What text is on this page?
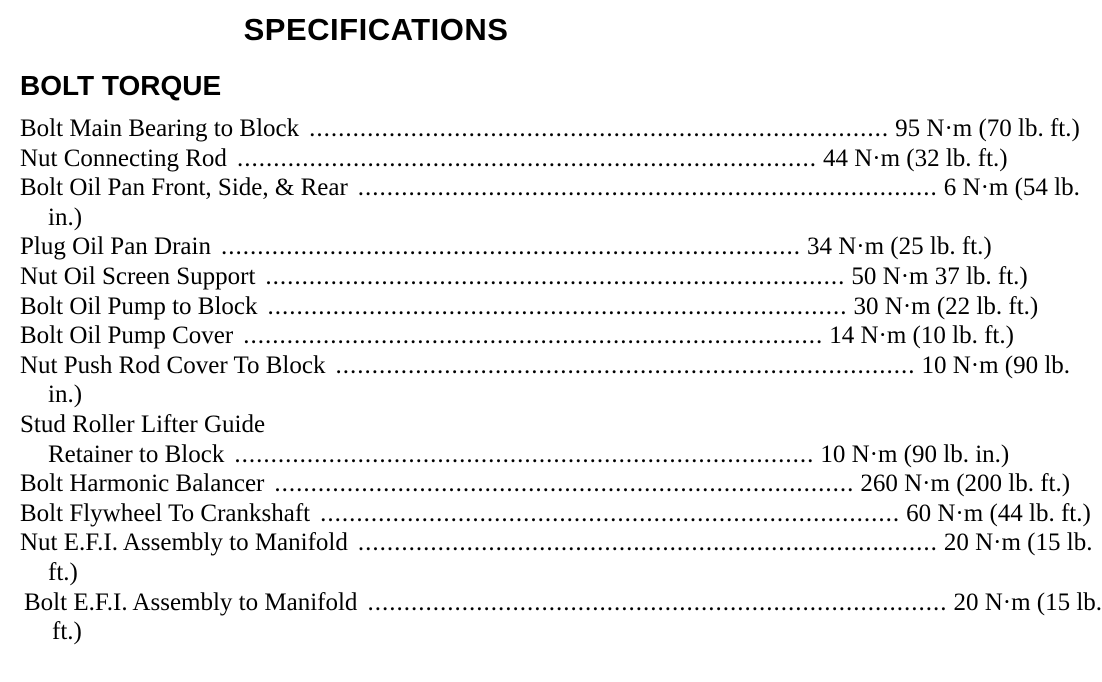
SPECIFICATIONS
BOLT TORQUE
Bolt Main Bearing to Block ................................................................................ 95 N·m (70 lb. ft.)
Nut Connecting Rod ................................................................................ 44 N·m (32 lb. ft.)
Bolt Oil Pan Front, Side, & Rear ................................................................................ 6 N·m (54 lb.
in.)
Plug Oil Pan Drain ................................................................................ 34 N·m (25 lb. ft.)
Nut Oil Screen Support ................................................................................ 50 N·m 37 lb. ft.)
Bolt Oil Pump to Block ................................................................................ 30 N·m (22 lb. ft.)
Bolt Oil Pump Cover ................................................................................ 14 N·m (10 lb. ft.)
Nut Push Rod Cover To Block ................................................................................ 10 N·m (90 lb.
in.)
Stud Roller Lifter Guide
Retainer to Block ................................................................................ 10 N·m (90 lb. in.)
Bolt Harmonic Balancer ................................................................................ 260 N·m (200 lb. ft.)
Bolt Flywheel To Crankshaft ................................................................................ 60 N·m (44 lb. ft.)
Nut E.F.I. Assembly to Manifold ................................................................................ 20 N·m (15 lb.
ft.)
Bolt E.F.I. Assembly to Manifold ................................................................................ 20 N·m (15 lb.
ft.)
